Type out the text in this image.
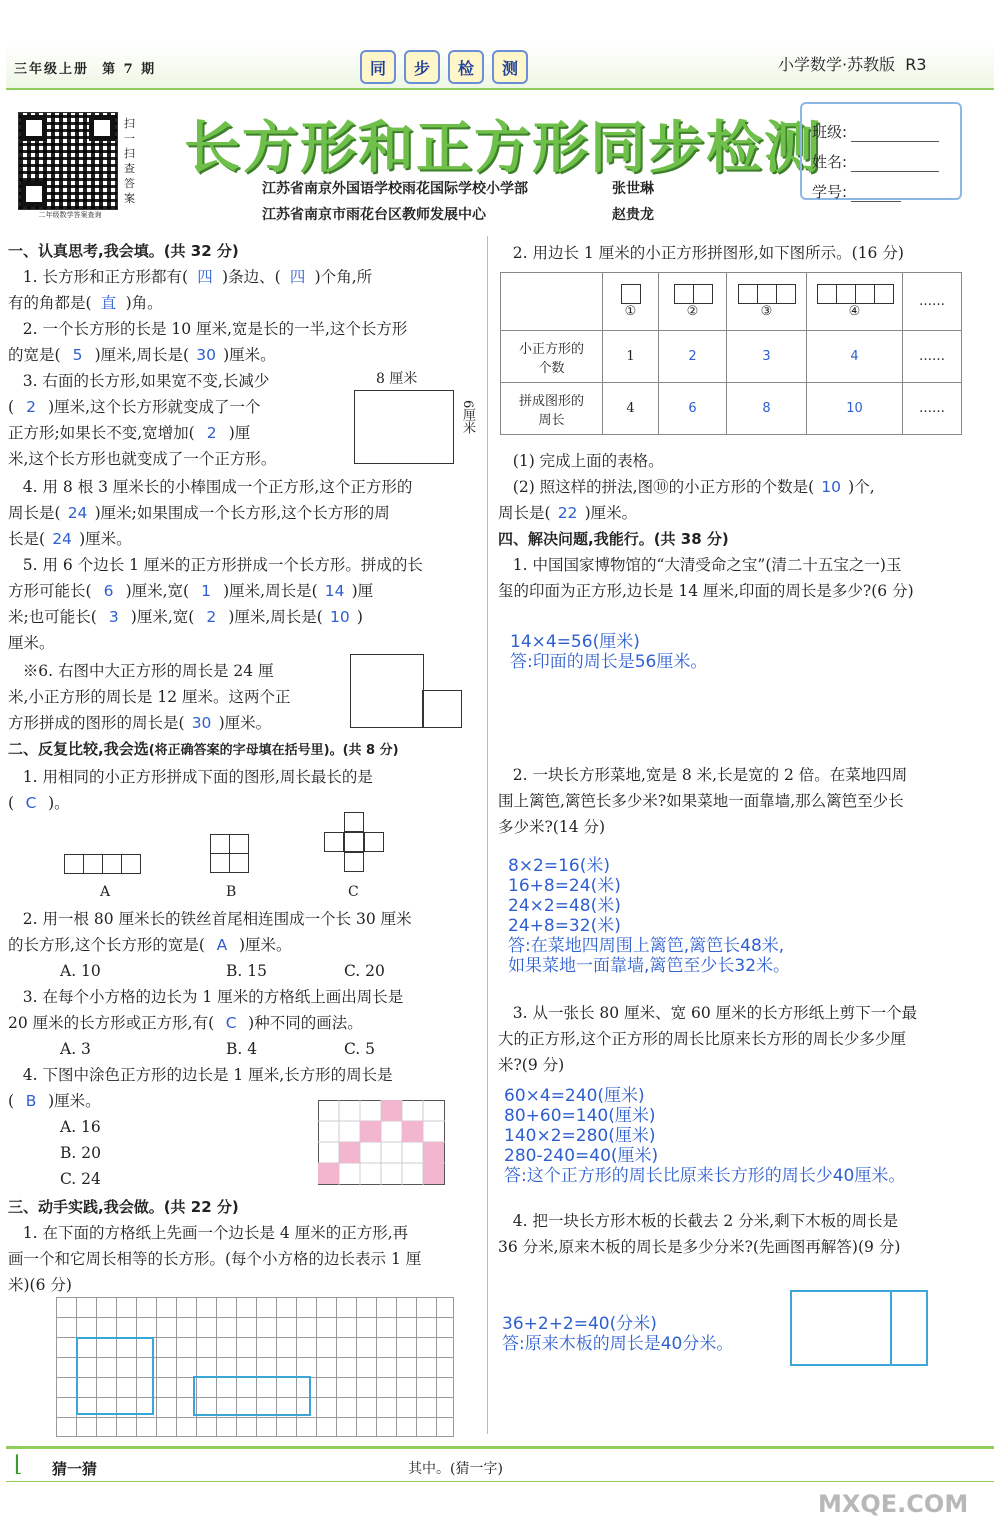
三年级上册 第 7 期	同	步	检	测	小学数学·苏教版 R3
二年级数学答案查询
扫一扫 查答案
长方形和正方形同步检测
江苏省南京外国语学校雨花国际学校小学部	张世琳
江苏省南京市雨花台区教师发展中心	赵贵龙
班级:
姓名:
学号:
一、认真思考,我会填。(共 32 分)
1. 长方形和正方形都有( 四 )条边、( 四 )个角,所
有的角都是( 直 )角。
2. 一个长方形的长是 10 厘米,宽是长的一半,这个长方形
的宽是( 5 )厘米,周长是( 30 )厘米。
3. 右面的长方形,如果宽不变,长减少
( 2 )厘米,这个长方形就变成了一个
正方形;如果长不变,宽增加( 2 )厘
米,这个长方形也就变成了一个正方形。
8 厘米
6厘米
4. 用 8 根 3 厘米长的小棒围成一个正方形,这个正方形的
周长是( 24 )厘米;如果围成一个长方形,这个长方形的周
长是( 24 )厘米。
5. 用 6 个边长 1 厘米的正方形拼成一个长方形。拼成的长
方形可能长( 6 )厘米,宽( 1 )厘米,周长是( 14 )厘
米;也可能长( 3 )厘米,宽( 2 )厘米,周长是( 10 )
厘米。
※6. 右图中大正方形的周长是 24 厘
米,小正方形的周长是 12 厘米。这两个正
方形拼成的图形的周长是( 30 )厘米。
二、反复比较,我会选(将正确答案的字母填在括号里)。(共 8 分)
1. 用相同的小正方形拼成下面的图形,周长最长的是
( C )。
A	B	C
2. 用一根 80 厘米长的铁丝首尾相连围成一个长 30 厘米
的长方形,这个长方形的宽是( A )厘米。
A. 10	B. 15	C. 20
3. 在每个小方格的边长为 1 厘米的方格纸上画出周长是
20 厘米的长方形或正方形,有( C )种不同的画法。
A. 3	B. 4	C. 5
4. 下图中涂色正方形的边长是 1 厘米,长方形的周长是
( B )厘米。
A. 16
B. 20
C. 24
三、动手实践,我会做。(共 22 分)
1. 在下面的方格纸上先画一个边长是 4 厘米的正方形,再
画一个和它周长相等的长方形。(每个小方格的边长表示 1 厘
米)(6 分)
2. 用边长 1 厘米的小正方形拼图形,如下图所示。(16 分)

	①	②	③	④	……
小正方形的个数	1	2	3	4	……
拼成图形的周长	4	6	8	10	……
(1) 完成上面的表格。
(2) 照这样的拼法,图⑩的小正方形的个数是( 10 )个,
周长是( 22 )厘米。
四、解决问题,我能行。(共 38 分)
1. 中国国家博物馆的“大清受命之宝”(清二十五宝之一)玉
玺的印面为正方形,边长是 14 厘米,印面的周长是多少?(6 分)
14×4=56(厘米)
答:印面的周长是56厘米。
2. 一块长方形菜地,宽是 8 米,长是宽的 2 倍。在菜地四周
围上篱笆,篱笆长多少米?如果菜地一面靠墙,那么篱笆至少长
多少米?(14 分)
8×2=16(米)
16+8=24(米)
24×2=48(米)
24+8=32(米)
答:在菜地四周围上篱笆,篱笆长48米,
如果菜地一面靠墙,篱笆至少长32米。
3. 从一张长 80 厘米、宽 60 厘米的长方形纸上剪下一个最
大的正方形,这个正方形的周长比原来长方形的周长少多少厘
米?(9 分)
60×4=240(厘米)
80+60=140(厘米)
140×2=280(厘米)
280-240=40(厘米)
答:这个正方形的周长比原来长方形的周长少40厘米。
4. 把一块长方形木板的长截去 2 分米,剩下木板的周长是
36 分米,原来木板的周长是多少分米?(先画图再解答)(9 分)
36+2+2=40(分米)
答:原来木板的周长是40分米。
⌊ 猜一猜	其中。(猜一字)
MXQE.COM
